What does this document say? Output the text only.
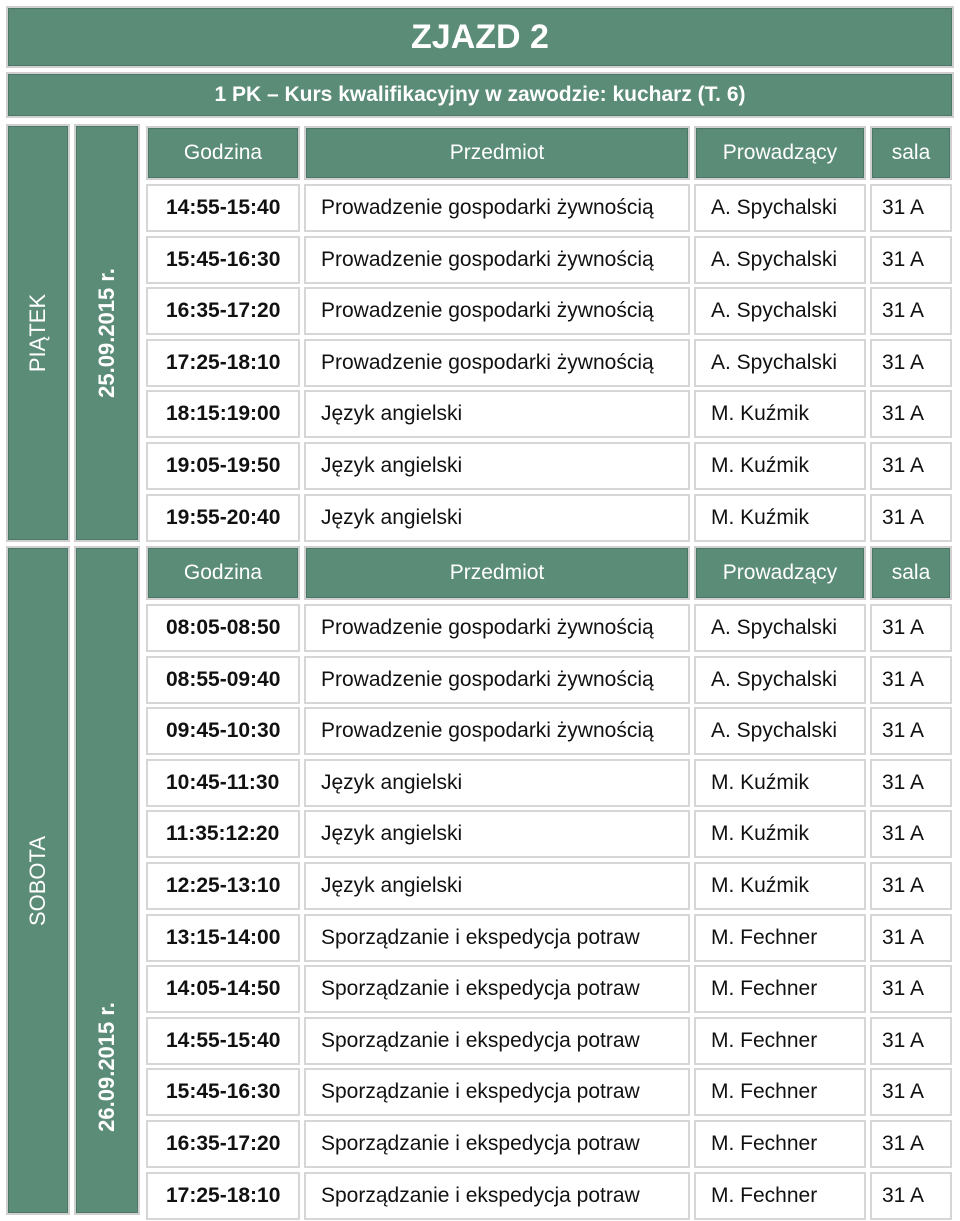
ZJAZD 2
1 PK – Kurs kwalifikacyjny w zawodzie: kucharz (T. 6)
PIĄTEK 25.09.2015 r.
SOBOTA
26.09.2015 r.
Godzina	Przedmiot	Prowadzący	sala
14:55-15:40	Prowadzenie gospodarki żywnością	A. Spychalski	31 A
15:45-16:30	Prowadzenie gospodarki żywnością	A. Spychalski	31 A
16:35-17:20	Prowadzenie gospodarki żywnością	A. Spychalski	31 A
17:25-18:10	Prowadzenie gospodarki żywnością	A. Spychalski	31 A
18:15:19:00	Język angielski	M. Kuźmik	31 A
19:05-19:50	Język angielski	M. Kuźmik	31 A
19:55-20:40	Język angielski	M. Kuźmik	31 A
Godzina	Przedmiot	Prowadzący	sala
08:05-08:50	Prowadzenie gospodarki żywnością	A. Spychalski	31 A
08:55-09:40	Prowadzenie gospodarki żywnością	A. Spychalski	31 A
09:45-10:30	Prowadzenie gospodarki żywnością	A. Spychalski	31 A
10:45-11:30	Język angielski	M. Kuźmik	31 A
11:35:12:20	Język angielski	M. Kuźmik	31 A
12:25-13:10	Język angielski	M. Kuźmik	31 A
13:15-14:00	Sporządzanie i ekspedycja potraw	M. Fechner	31 A
14:05-14:50	Sporządzanie i ekspedycja potraw	M. Fechner	31 A
14:55-15:40	Sporządzanie i ekspedycja potraw	M. Fechner	31 A
15:45-16:30	Sporządzanie i ekspedycja potraw	M. Fechner	31 A
16:35-17:20	Sporządzanie i ekspedycja potraw	M. Fechner	31 A
17:25-18:10	Sporządzanie i ekspedycja potraw	M. Fechner	31 A
